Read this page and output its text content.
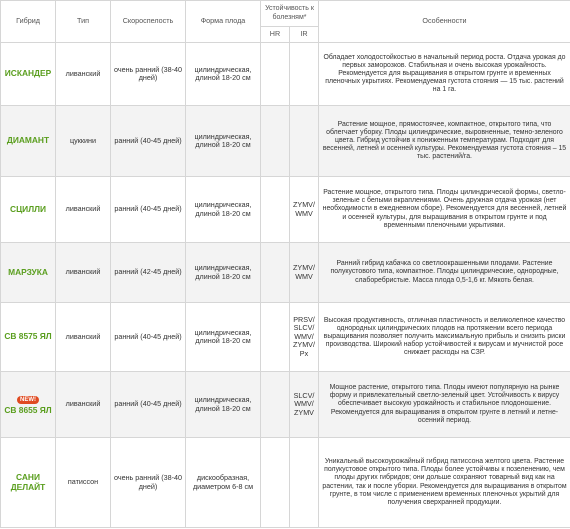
Гибрид	Тип	Скороспелость	Форма плода	Устойчивость к болезням*		Особенности
				HR	IR	

ИСКАНДЕР	ливанский	очень ранний (38-40 дней)	цилиндрическая, длиной 18-20 см			Обладает холодостойкостью в начальный период роста. Отдача урожая до первых заморозков. Стабильная и очень высокая урожайность. Рекомендуется для выращивания в открытом грунте и временных пленочных укрытиях. Рекомендуемая густота стояния — 15 тыс. растений на 1 га.

ДИАМАНТ	цуккини	ранний (40-45 дней)	цилиндрическая, длиной 18-20 см			Растение мощное, прямостоячее, компактное, открытого типа, что облегчает уборку. Плоды цилиндрические, выровненные, темно-зеленого цвета. Гибрид устойчив к пониженным температурам. Подходит для весенней, летней и осенней культуры. Рекомендуемая густота стояния – 15 тыс. растений/га.

СЦИЛЛИ	ливанский	ранний (40-45 дней)	цилиндрическая, длиной 18-20 см		ZYMV/ WMV	Растение мощное, открытого типа. Плоды цилиндрической формы, светло-зеленые с белыми вкраплениями. Очень дружная отдача урожая (нет необходимости в ежедневном сборе). Рекомендуется для весенней, летней и осенней культуры, для выращивания в открытом грунте и под временными пленочными укрытиями.

МАРЗУКА	ливанский	ранний (42-45 дней)	цилиндрическая, длиной 18-20 см		ZYMV/ WMV	Ранний гибрид кабачка со светлоокрашенными плодами. Растение полукустового типа, компактное. Плоды цилиндрические, однородные, слаборебристые. Масса плода 0,5-1,6 кг. Мякоть белая.

СВ 8575 ЯЛ	ливанский	ранний (40-45 дней)	цилиндрическая, длиной 18-20 см		PRSV/ SLCV/ WMV/ ZYMV/ Px	Высокая продуктивность, отличная пластичность и великолепное качество однородных цилиндрических плодов на протяжении всего периода выращивания позволяет получить максимальную прибыль и снизить риски производства. Широкий набор устойчивостей к вирусам и мучнистой росе снижает расходы на СЗР.
NEW!
СВ 8655 ЯЛ	ливанский	ранний (40-45 дней)	цилиндрическая, длиной 18-20 см		SLCV/ WMV/ ZYMV	Мощное растение, открытого типа. Плоды имеют популярную на рынке форму и привлекательный светло-зеленый цвет. Устойчивость к вирусу обеспечивает высокую урожайность и стабильное плодоношение. Рекомендуется для выращивания в открытом грунте в летний и летне-осенний период.

САНИ ДЕЛАЙТ	патиссон	очень ранний (38-40 дней)	дискообразная, диаметром 6-8 см			Уникальный высокоурожайный гибрид патиссона желтого цвета. Растение полукустовое открытого типа. Плоды более устойчивы к позеленению, чем плоды других гибридов; они дольше сохраняют товарный вид как на растении, так и после уборки. Рекомендуется для выращивания в открытом грунте, в том числе с применением временных пленочных укрытий для получения сверхранней продукции.
